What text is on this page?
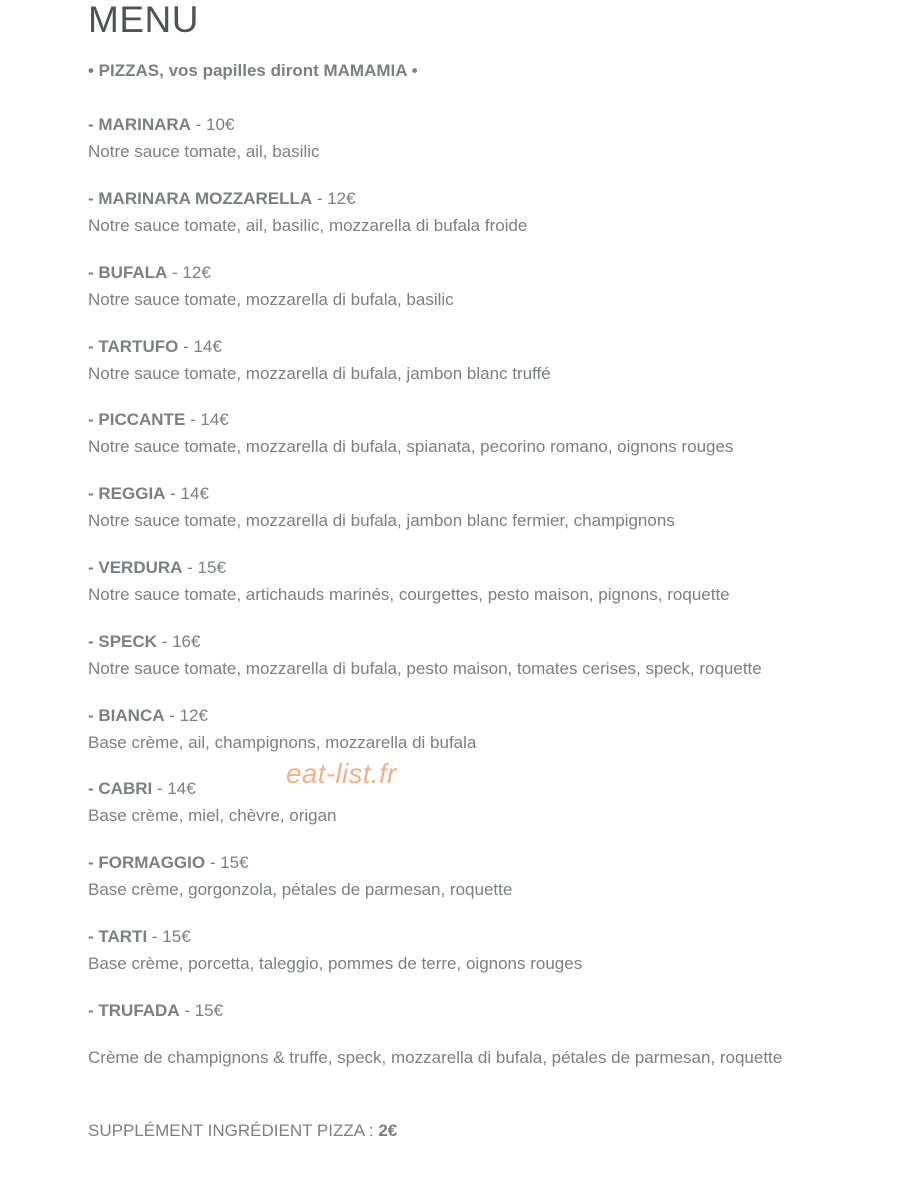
MENU
• PIZZAS, vos papilles diront MAMAMIA •
- MARINARA - 10€
Notre sauce tomate, ail, basilic
- MARINARA MOZZARELLA - 12€
Notre sauce tomate, ail, basilic, mozzarella di bufala froide
- BUFALA - 12€
Notre sauce tomate, mozzarella di bufala, basilic
- TARTUFO - 14€
Notre sauce tomate, mozzarella di bufala, jambon blanc truffé
- PICCANTE - 14€
Notre sauce tomate, mozzarella di bufala, spianata, pecorino romano, oignons rouges
- REGGIA - 14€
Notre sauce tomate, mozzarella di bufala, jambon blanc fermier, champignons
- VERDURA - 15€
Notre sauce tomate, artichauds marinés, courgettes, pesto maison, pignons, roquette
- SPECK - 16€
Notre sauce tomate, mozzarella di bufala, pesto maison, tomates cerises, speck, roquette
- BIANCA - 12€
Base crème, ail, champignons, mozzarella di bufala
- CABRI - 14€
Base crème, miel, chèvre, origan
- FORMAGGIO - 15€
Base crème, gorgonzola, pétales de parmesan, roquette
- TARTI - 15€
Base crème, porcetta, taleggio, pommes de terre, oignons rouges
- TRUFADA - 15€
Crème de champignons & truffe, speck, mozzarella di bufala, pétales de parmesan, roquette
SUPPLÉMENT INGRÉDIENT PIZZA : 2€
eat-list.fr
